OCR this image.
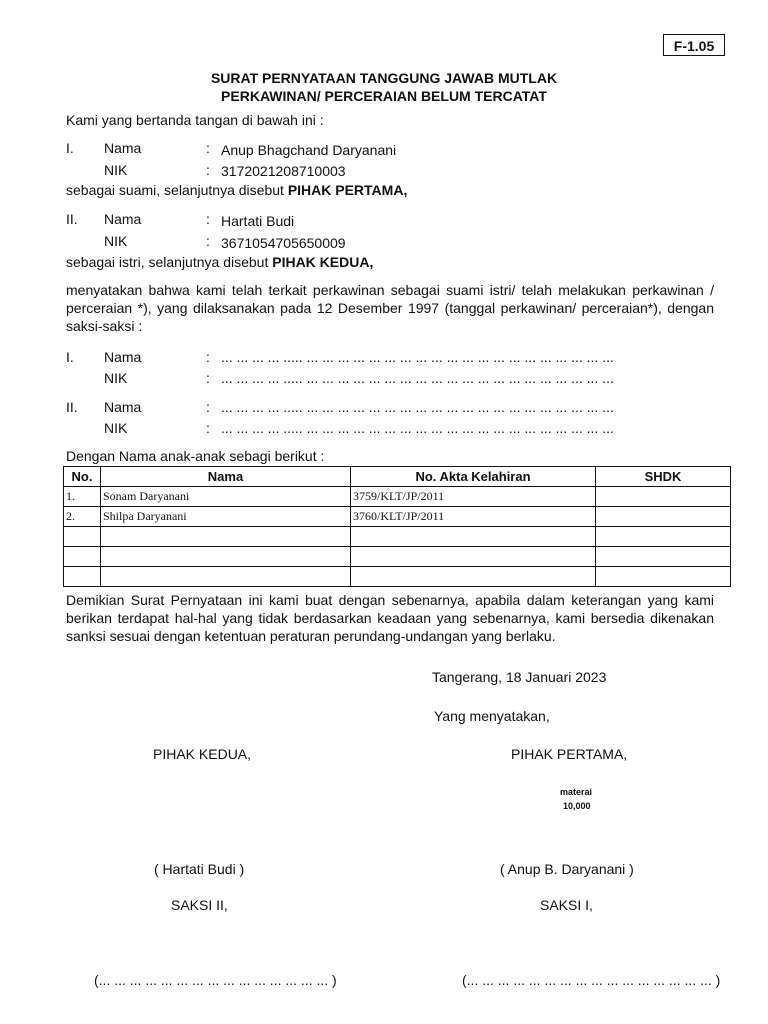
F-1.05
SURAT PERNYATAAN TANGGUNG JAWAB MUTLAK
PERKAWINAN/ PERCERAIAN BELUM TERCATAT
Kami yang bertanda tangan di bawah ini :
I. Nama	: Anup Bhagchand Daryanani
NIK	: 3172021208710003
sebagai suami, selanjutnya disebut PIHAK PERTAMA,
II. Nama	: Hartati Budi
NIK	: 3671054705650009
sebagai istri, selanjutnya disebut PIHAK KEDUA,
menyatakan bahwa kami telah terkait perkawinan sebagai suami istri/ telah melakukan perkawinan / perceraian *), yang dilaksanakan pada 12 Desember 1997 (tanggal perkawinan/ perceraian*), dengan saksi-saksi :
I. Nama	: ... ... ... ... ..... ... ... ... ... ... ... ... ... ... ... ... ... ... ... ... ... ... ... ... ...
NIK	: ... ... ... ... ..... ... ... ... ... ... ... ... ... ... ... ... ... ... ... ... ... ... ... ... ...
II. Nama	: ... ... ... ... ..... ... ... ... ... ... ... ... ... ... ... ... ... ... ... ... ... ... ... ... ...
NIK	: ... ... ... ... ..... ... ... ... ... ... ... ... ... ... ... ... ... ... ... ... ... ... ... ... ...
Dengan Nama anak-anak sebagi berikut :
No.	Nama	No. Akta Kelahiran	SHDK
1.	Sonam Daryanani	3759/KLT/JP/2011	
2.	Shilpa Daryanani	3760/KLT/JP/2011	

Demikian Surat Pernyataan ini kami buat dengan sebenarnya, apabila dalam keterangan yang kami berikan terdapat hal-hal yang tidak berdasarkan keadaan yang sebenarnya, kami bersedia dikenakan sanksi sesuai dengan ketentuan peraturan perundang-undangan yang berlaku.
Tangerang, 18 Januari 2023
Yang menyatakan,
PIHAK KEDUA,	PIHAK PERTAMA,
materai
10,000
( Hartati Budi )	( Anup B. Daryanani )
SAKSI II,	SAKSI I,
(... ... ... ... ... ... ... ... ... ... ... ... ... ... ... )	(... ... ... ... ... ... ... ... ... ... ... ... ... ... ... ... )
